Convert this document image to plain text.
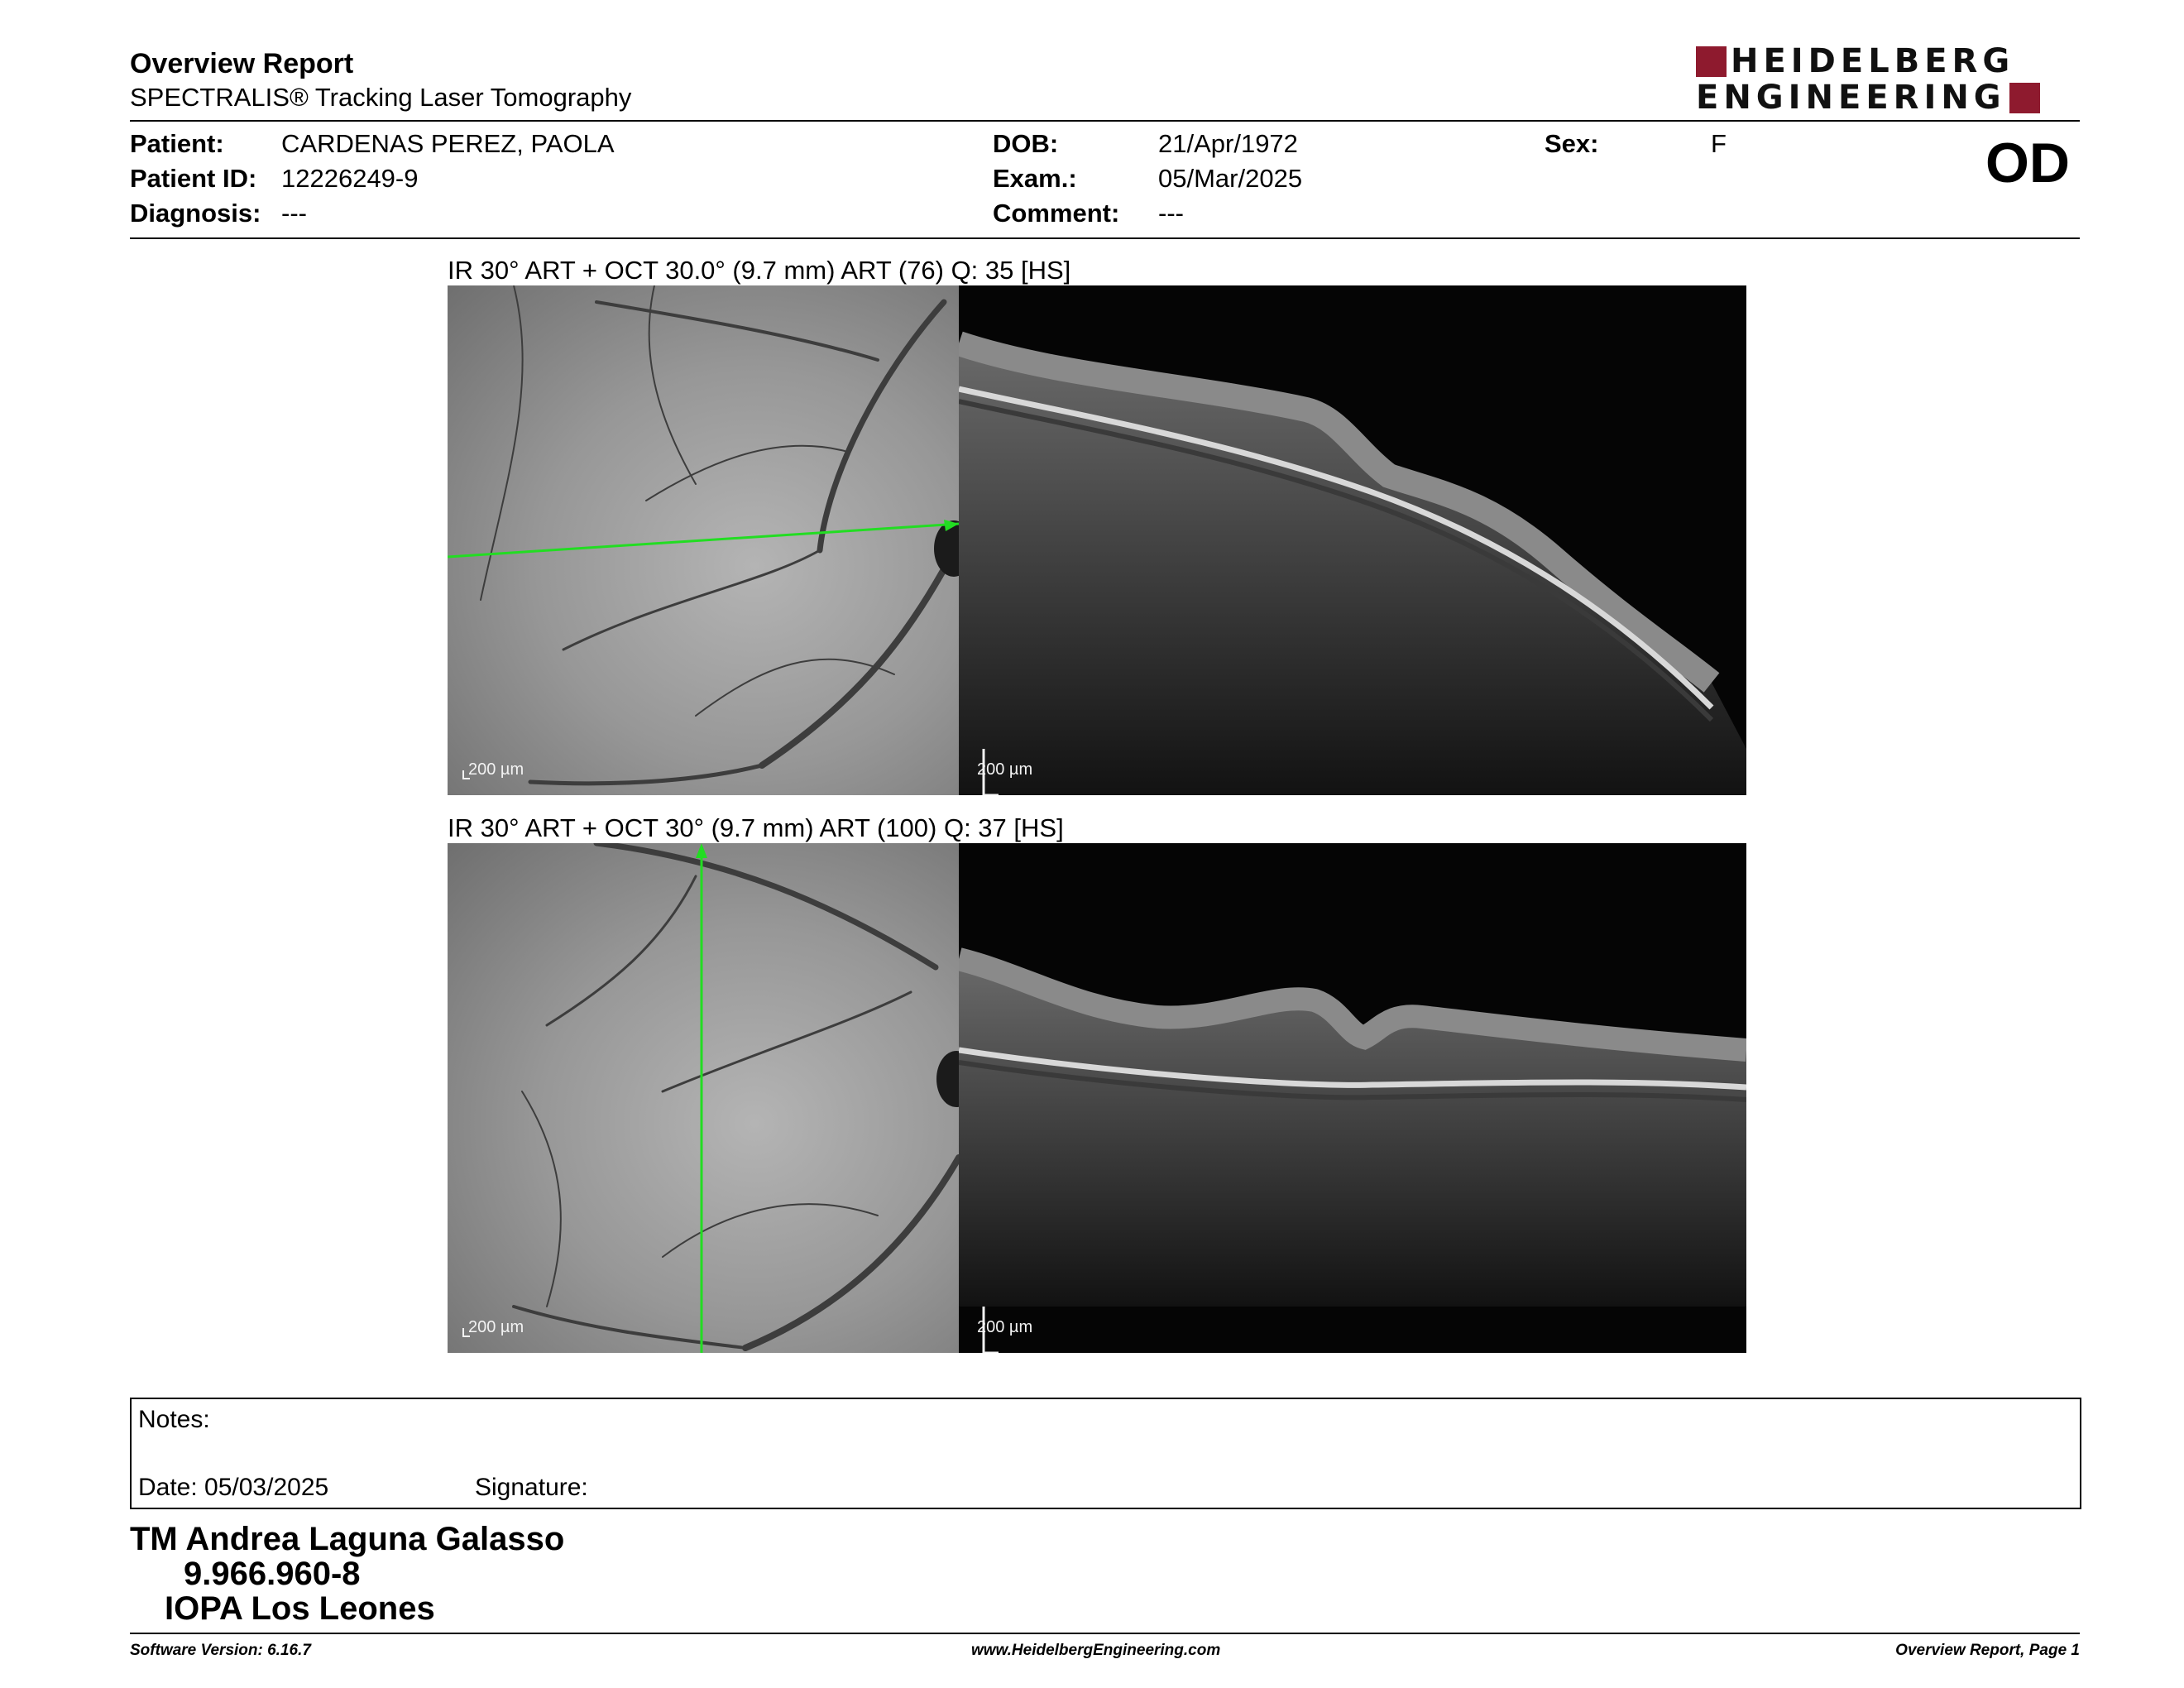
Overview Report
SPECTRALIS® Tracking Laser Tomography
HEIDELBERG
ENGINEERING
Patient: CARDENAS PEREZ, PAOLA
Patient ID: 12226249-9
Diagnosis: ---
DOB:	21/Apr/1972
Exam.:	05/Mar/2025
Comment: ---
Sex:	F	OD
IR 30° ART + OCT 30.0° (9.7 mm) ART (76) Q: 35 [HS]
200 µm	200 µm
IR 30° ART + OCT 30° (9.7 mm) ART (100) Q: 37 [HS]
200 µm	200 µm
Notes:
Date: 05/03/2025	Signature:
TM Andrea Laguna Galasso
9.966.960-8
IOPA Los Leones
Software Version: 6.16.7	www.HeidelbergEngineering.com	Overview Report, Page 1
